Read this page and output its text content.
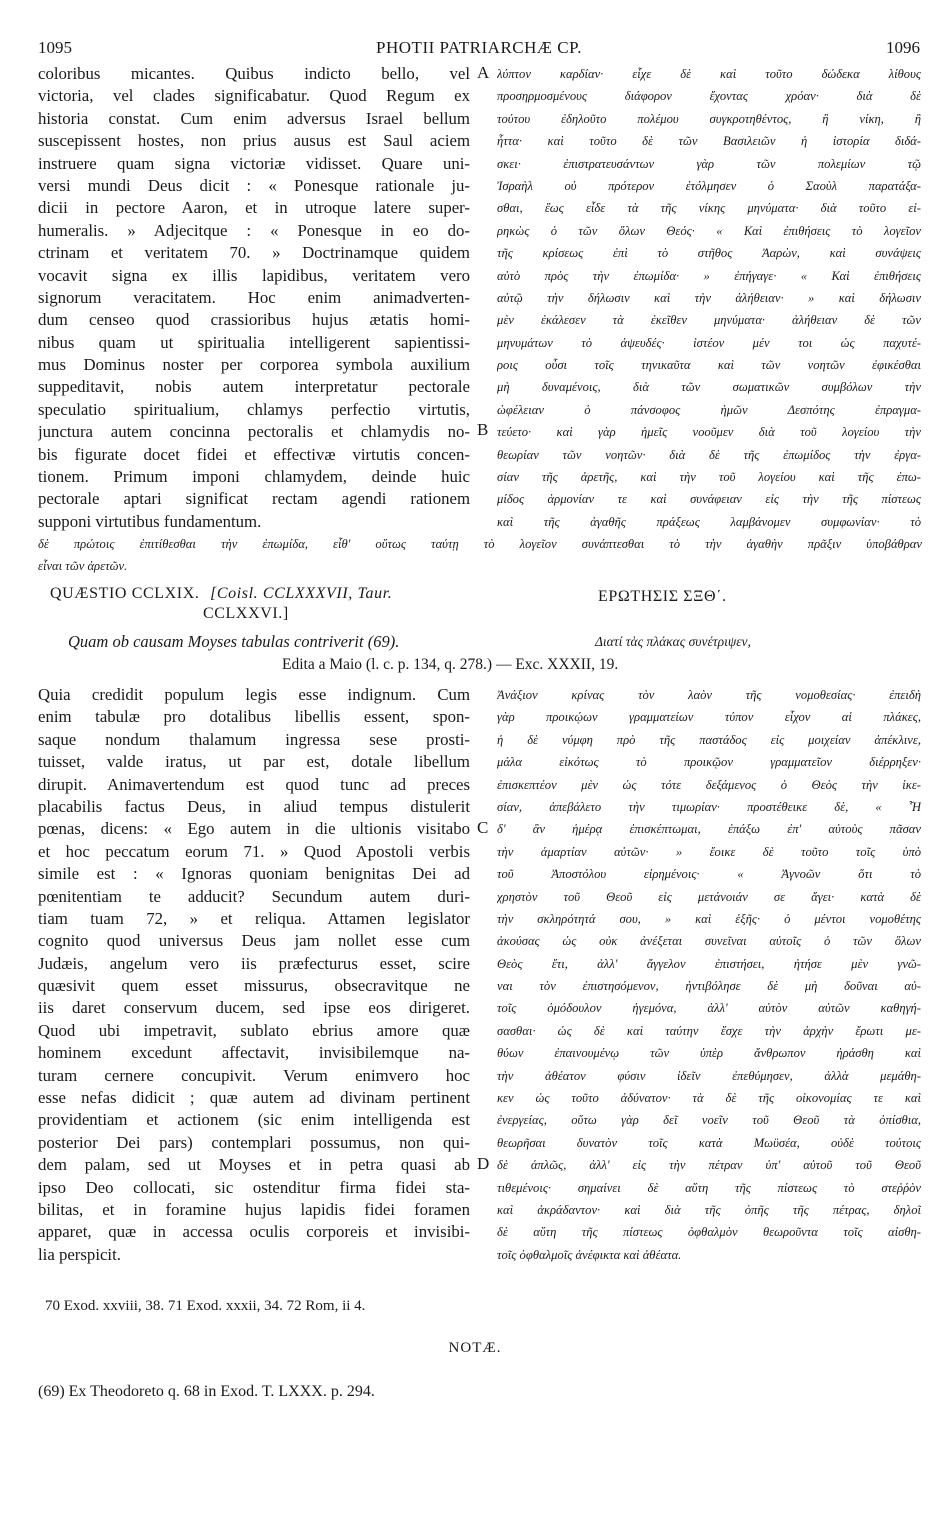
1095	PHOTII PATRIARCHÆ CP.	1096
coloribus micantes. Quibus indicto bello, vel
victoria, vel clades significabatur. Quod Regum ex
historia constat. Cum enim adversus Israel bellum
suscepissent hostes, non prius ausus est Saul aciem
instruere quam signa victoriæ vidisset. Quare uni-
versi mundi Deus dicit : « Ponesque rationale ju-
dicii in pectore Aaron, et in utroque latere super-
humeralis. » Adjecitque : « Ponesque in eo do-
ctrinam et veritatem 70. » Doctrinamque quidem
vocavit signa ex illis lapidibus, veritatem vero
signorum veracitatem. Hoc enim animadverten-
dum censeo quod crassioribus hujus ætatis homi-
nibus quam ut spiritualia intelligerent sapientissi-
mus Dominus noster per corporea symbola auxilium
suppeditavit, nobis autem interpretatur pectorale
speculatio spiritualium, chlamys perfectio virtutis,
junctura autem concinna pectoralis et chlamydis no-
bis figurate docet fidei et effectivæ virtutis concen-
tionem. Primum imponi chlamydem, deinde huic
pectorale aptari significat rectam agendi rationem
supponi virtutibus fundamentum.
λύπτον καρδίαν· εἶχε δὲ καὶ τοῦτο δώδεκα λίθους
προσηρμοσμένους διάφορον ἔχοντας χρόαν· διὰ δὲ
τούτου ἐδηλοῦτο πολέμου συγκροτηθέντος, ἢ νίκη, ἢ
ἧττα· καὶ τοῦτο δὲ τῶν Βασιλειῶν ἡ ἱστορία διδά-
σκει· ἐπιστρατευσάντων γὰρ τῶν πολεμίων τῷ
Ἰσραὴλ οὐ πρότερον ἐτόλμησεν ὁ Σαοὺλ παρατάξα-
σθαι, ἕως εἶδε τὰ τῆς νίκης μηνύματα· διὰ τοῦτο εἰ-
ρηκὼς ὁ τῶν ὅλων Θεός· « Καὶ ἐπιθήσεις τὸ λογεῖον
τῆς κρίσεως ἐπὶ τὸ στῆθος Ἀαρὼν, καὶ συνάψεις
αὐτὸ πρὸς τὴν ἐπωμίδα· » ἐπήγαγε· « Καὶ ἐπιθήσεις
αὐτῷ τὴν δήλωσιν καὶ τὴν ἀλήθειαν· » καὶ δήλωσιν
μὲν ἐκάλεσεν τὰ ἐκεῖθεν μηνύματα· ἀλήθειαν δὲ τῶν
μηνυμάτων τὸ ἀψευδές· ἰστέον μέν τοι ὡς παχυτέ-
ροις οὖσι τοῖς τηνικαῦτα καὶ τῶν νοητῶν ἐφικέσθαι
μὴ δυναμένοις, διὰ τῶν σωματικῶν συμβόλων τὴν
ὠφέλειαν ὁ πάνσοφος ἡμῶν Δεσπότης ἐπραγμα-
τεύετο· καὶ γὰρ ἡμεῖς νοοῦμεν διὰ τοῦ λογείου τὴν
θεωρίαν τῶν νοητῶν· διὰ δὲ τῆς ἐπωμίδος τὴν ἐργα-
σίαν τῆς ἀρετῆς, καὶ τὴν τοῦ λογείου καὶ τῆς ἐπω-
μίδος ἁρμονίαν τε καὶ συνάφειαν εἰς τὴν τῆς πίστεως
καὶ τῆς ἀγαθῆς πράξεως λαμβάνομεν συμφωνίαν· τὸ
A
B
δὲ πρώτοις ἐπιτίθεσθαι τὴν ἐπωμίδα, εἶθ' οὕτως ταύτῃ τὸ λογεῖον συνάπτεσθαι τὸ τὴν ἀγαθὴν πρᾶξιν ὑποβάθραν
εἶναι τῶν ἀρετῶν.
QUÆSTIO CCLXIX. [Coisl. CCLXXXVII, Taur.
CCLXXVI.]
ΕΡΩΤΗΣΙΣ ΣΞΘ΄.
Quam ob causam Moyses tabulas contriverit (69).	Διατί τὰς πλάκας συνέτριψεν,
Edita a Maio (l. c. p. 134, q. 278.) — Exc. XXXII, 19.
Quia credidit populum legis esse indignum. Cum
enim tabulæ pro dotalibus libellis essent, spon-
saque nondum thalamum ingressa sese prosti-
tuisset, valde iratus, ut par est, dotale libellum
dirupit. Animavertendum est quod tunc ad preces
placabilis factus Deus, in aliud tempus distulerit
pœnas, dicens: « Ego autem in die ultionis visitabo
et hoc peccatum eorum 71. » Quod Apostoli verbis
simile est : « Ignoras quoniam benignitas Dei ad
pœnitentiam te adducit? Secundum autem duri-
tiam tuam 72, » et reliqua. Attamen legislator
cognito quod universus Deus jam nollet esse cum
Judæis, angelum vero iis præfecturus esset, scire
quæsivit quem esset missurus, obsecravitque ne
iis daret conservum ducem, sed ipse eos dirigeret.
Quod ubi impetravit, sublato ebrius amore quæ
hominem excedunt affectavit, invisibilemque na-
turam cernere concupivit. Verum enimvero hoc
esse nefas didicit ; quæ autem ad divinam pertinent
providentiam et actionem (sic enim intelligenda est
posterior Dei pars) contemplari possumus, non qui-
dem palam, sed ut Moyses et in petra quasi ab
ipso Deo collocati, sic ostenditur firma fidei sta-
bilitas, et in foramine hujus lapidis fidei foramen
apparet, quæ in accessa oculis corporeis et invisibi-
lia perspicit.
Ἀνάξιον κρίνας τὸν λαὸν τῆς νομοθεσίας· ἐπειδὴ
γὰρ προικῴων γραμματείων τύπον εἶχον αἱ πλάκες,
ἡ δὲ νύμφη πρὸ τῆς παστάδος εἰς μοιχείαν ἀπέκλινε,
μάλα εἰκότως τὸ προικῷον γραμματεῖον διέρρηξεν·
ἐπισκεπτέον μὲν ὡς τότε δεξάμενος ὁ Θεὸς τὴν ἱκε-
σίαν, ἀπεβάλετο τὴν τιμωρίαν· προστέθεικε δὲ, « Ἧ
δ' ἂν ἡμέρᾳ ἐπισκέπτωμαι, ἐπάξω ἐπ' αὐτοὺς πᾶσαν
τὴν ἁμαρτίαν αὐτῶν· » ἔοικε δὲ τοῦτο τοῖς ὑπὸ
τοῦ Ἀποστόλου εἰρημένοις· « Ἀγνοῶν ὅτι τὸ
χρηστὸν τοῦ Θεοῦ εἰς μετάνοιάν σε ἄγει· κατὰ δὲ
τὴν σκληρότητά σου, » καὶ ἑξῆς· ὁ μέντοι νομοθέτης
ἀκούσας ὡς οὐκ ἀνέξεται συνεῖναι αὐτοῖς ὁ τῶν ὅλων
Θεὸς ἔτι, ἀλλ' ἄγγελον ἐπιστήσει, ἠτήσε μὲν γνῶ-
ναι τὸν ἐπιστησόμενον, ἠντιβόλησε δὲ μὴ δοῦναι αὐ-
τοῖς ὁμόδουλον ἡγεμόνα, ἀλλ' αὐτὸν αὐτῶν καθηγή-
σασθαι· ὡς δὲ καὶ ταύτην ἔσχε τὴν ἀρχὴν ἔρωτι με-
θύων ἐπαινουμένῳ τῶν ὑπὲρ ἄνθρωπον ἠράσθη καὶ
τὴν ἀθέατον φύσιν ἰδεῖν ἐπεθύμησεν, ἀλλὰ μεμάθη-
κεν ὡς τοῦτο ἀδύνατον· τὰ δὲ τῆς οἰκονομίας τε καὶ
ἐνεργείας, οὕτω γὰρ δεῖ νοεῖν τοῦ Θεοῦ τὰ ὀπίσθια,
θεωρῆσαι δυνατὸν τοῖς κατὰ Μωϋσέα, οὐδὲ τούτοις
δὲ ἁπλῶς, ἀλλ' εἰς τὴν πέτραν ὑπ' αὐτοῦ τοῦ Θεοῦ
τιθεμένοις· σημαίνει δὲ αὕτη τῆς πίστεως τὸ στεῤῥὸν
καὶ ἀκράδαντον· καὶ διὰ τῆς ὀπῆς τῆς πέτρας, δηλοῖ
δὲ αὕτη τῆς πίστεως ὀφθαλμὸν θεωροῦντα τοῖς αἰσθη-
τοῖς ὀφθαλμοῖς ἀνέφικτα καὶ ἀθέατα.
C
D
70 Exod. xxviii, 38. 71 Exod. xxxii, 34. 72 Rom, ii 4.
NOTÆ.
(69) Ex Theodoreto q. 68 in Exod. T. LXXX. p. 294.
